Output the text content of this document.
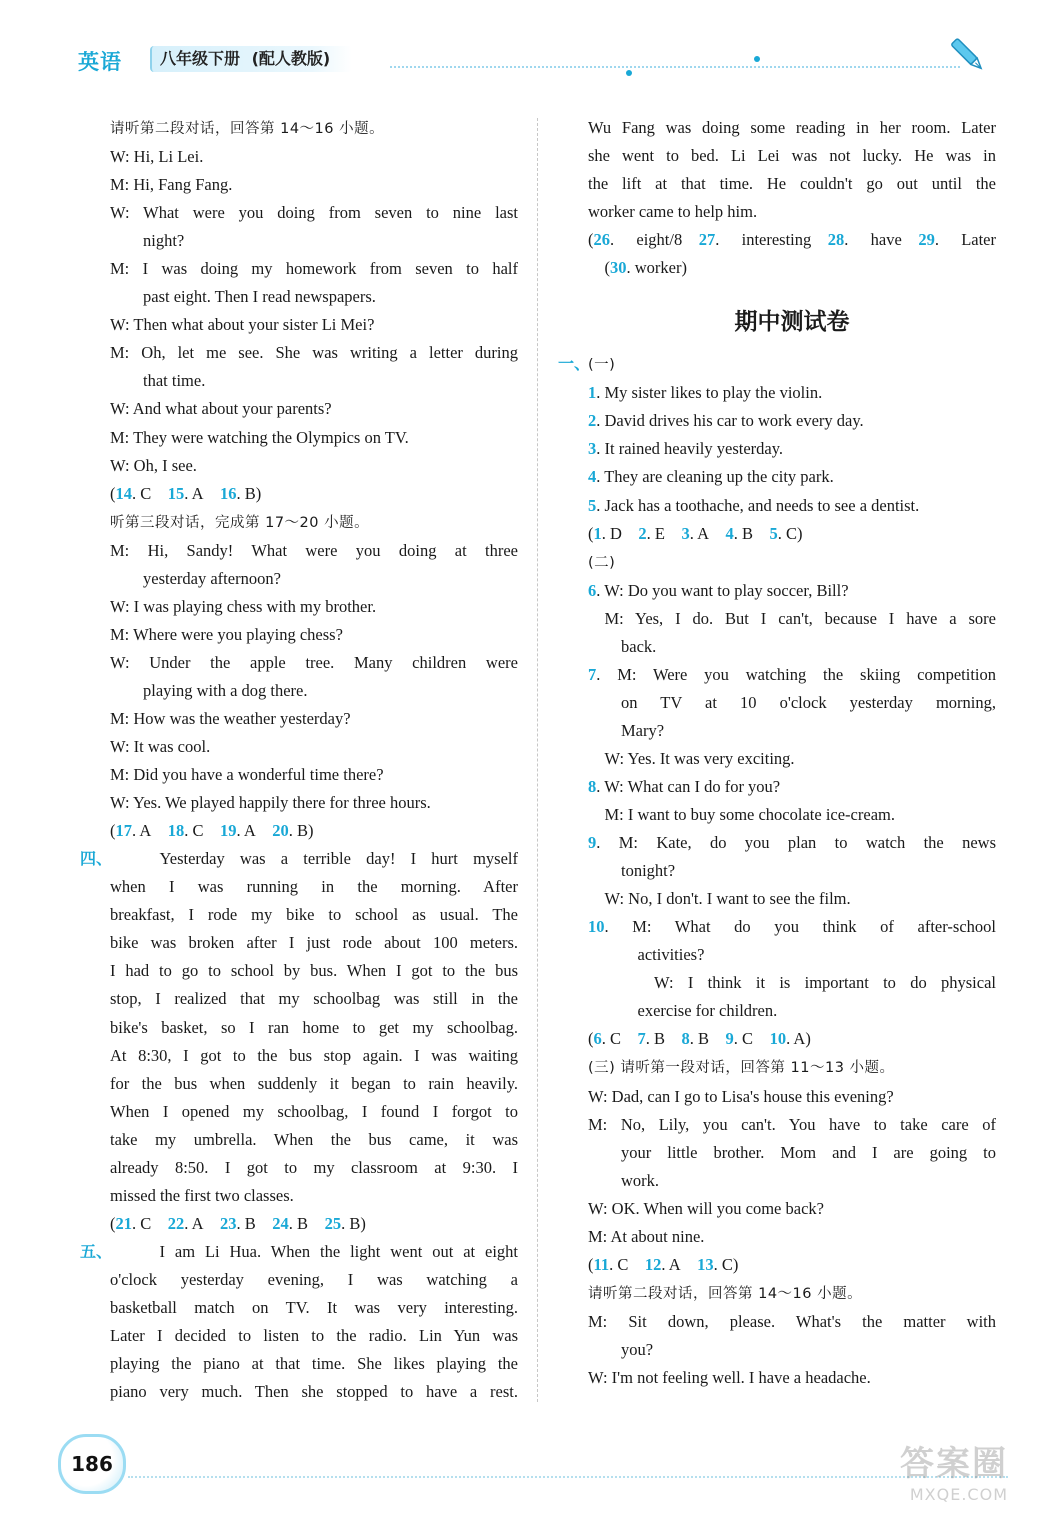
英语	八年级下册 (配人教版)
请听第二段对话，回答第 14～16 小题。
W: Hi, Li Lei.
M: Hi, Fang Fang.
W: What were you doing from seven to nine last
night?
M: I was doing my homework from seven to half
past eight. Then I read newspapers.
W: Then what about your sister Li Mei?
M: Oh, let me see. She was writing a letter during
that time.
W: And what about your parents?
M: They were watching the Olympics on TV.
W: Oh, I see.
(14. C  15. A  16. B)
听第三段对话，完成第 17～20 小题。
M: Hi, Sandy! What were you doing at three
yesterday afternoon?
W: I was playing chess with my brother.
M: Where were you playing chess?
W: Under the apple tree. Many children were
playing with a dog there.
M: How was the weather yesterday?
W: It was cool.
M: Did you have a wonderful time there?
W: Yes. We played happily there for three hours.
(17. A  18. C  19. A  20. B)
四、	Yesterday was a terrible day! I hurt myself
when I was running in the morning. After
breakfast, I rode my bike to school as usual. The
bike was broken after I just rode about 100 meters.
I had to go to school by bus. When I got to the bus
stop, I realized that my schoolbag was still in the
bike's basket, so I ran home to get my schoolbag.
At 8:30, I got to the bus stop again. I was waiting
for the bus when suddenly it began to rain heavily.
When I opened my schoolbag, I found I forgot to
take my umbrella. When the bus came, it was
already 8:50. I got to my classroom at 9:30. I
missed the first two classes.
(21. C  22. A  23. B  24. B  25. B)
五、	I am Li Hua. When the light went out at eight
o'clock yesterday evening, I was watching a
basketball match on TV. It was very interesting.
Later I decided to listen to the radio. Lin Yun was
playing the piano at that time. She likes playing the
piano very much. Then she stopped to have a rest.
Wu Fang was doing some reading in her room. Later
she went to bed. Li Lei was not lucky. He was in
the lift at that time. He couldn't go out until the
worker came to help him.
(26. eight/8  27. interesting  28. have  29. Later
(30. worker)
期中测试卷
一、
(一)
1. My sister likes to play the violin.
2. David drives his car to work every day.
3. It rained heavily yesterday.
4. They are cleaning up the city park.
5. Jack has a toothache, and needs to see a dentist.
(1. D  2. E  3. A  4. B  5. C)
(二)
6. W: Do you want to play soccer, Bill?
M: Yes, I do. But I can't, because I have a sore
back.
7. M: Were you watching the skiing competition
on TV at 10 o'clock yesterday morning,
Mary?
W: Yes. It was very exciting.
8. W: What can I do for you?
M: I want to buy some chocolate ice-cream.
9. M: Kate, do you plan to watch the news
tonight?
W: No, I don't. I want to see the film.
10. M: What do you think of after-school
activities?
W: I think it is important to do physical
exercise for children.
(6. C  7. B  8. B  9. C  10. A)
(三) 请听第一段对话，回答第 11～13 小题。
W: Dad, can I go to Lisa's house this evening?
M: No, Lily, you can't. You have to take care of
your little brother. Mom and I are going to
work.
W: OK. When will you come back?
M: At about nine.
(11. C  12. A  13. C)
请听第二段对话，回答第 14～16 小题。
M: Sit down, please. What's the matter with
you?
W: I'm not feeling well. I have a headache.
186	答案圈
MXQE.COM
